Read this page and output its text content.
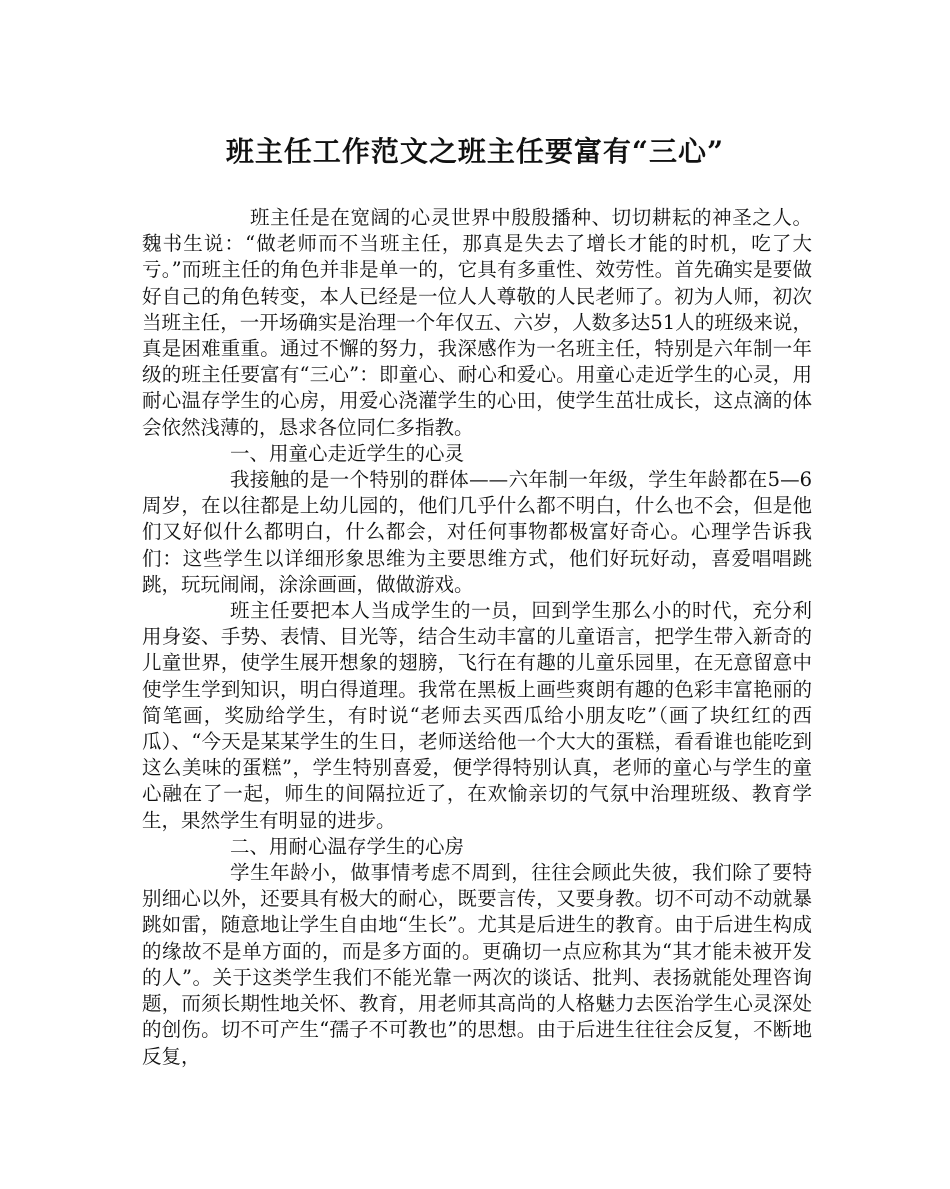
班主任工作范文之班主任要富有“三心”

班主任是在宽阔的心灵世界中殷殷播种、切切耕耘的神圣之人。魏书生说：“做老师而不当班主任，那真是失去了增长才能的时机，吃了大亏。”而班主任的角色并非是单一的，它具有多重性、效劳性。首先确实是要做好自己的角色转变，本人已经是一位人人尊敬的人民老师了。初为人师，初次当班主任，一开场确实是治理一个年仅五、六岁，人数多达51人的班级来说，真是困难重重。通过不懈的努力，我深感作为一名班主任，特别是六年制一年级的班主任要富有“三心”：即童心、耐心和爱心。用童心走近学生的心灵，用耐心温存学生的心房，用爱心浇灌学生的心田，使学生茁壮成长，这点滴的体会依然浅薄的，恳求各位同仁多指教。

一、用童心走近学生的心灵

我接触的是一个特别的群体——六年制一年级，学生年龄都在5—6周岁，在以往都是上幼儿园的，他们几乎什么都不明白，什么也不会，但是他们又好似什么都明白，什么都会，对任何事物都极富好奇心。心理学告诉我们：这些学生以详细形象思维为主要思维方式，他们好玩好动，喜爱唱唱跳跳，玩玩闹闹，涂涂画画，做做游戏。

班主任要把本人当成学生的一员，回到学生那么小的时代，充分利用身姿、手势、表情、目光等，结合生动丰富的儿童语言，把学生带入新奇的儿童世界，使学生展开想象的翅膀，飞行在有趣的儿童乐园里，在无意留意中使学生学到知识，明白得道理。我常在黑板上画些爽朗有趣的色彩丰富艳丽的简笔画，奖励给学生，有时说“老师去买西瓜给小朋友吃”（画了块红红的西瓜）、“今天是某某学生的生日，老师送给他一个大大的蛋糕，看看谁也能吃到这么美味的蛋糕”，学生特别喜爱，便学得特别认真，老师的童心与学生的童心融在了一起，师生的间隔拉近了，在欢愉亲切的气氛中治理班级、教育学生，果然学生有明显的进步。

二、用耐心温存学生的心房

学生年龄小，做事情考虑不周到，往往会顾此失彼，我们除了要特别细心以外，还要具有极大的耐心，既要言传，又要身教。切不可动不动就暴跳如雷，随意地让学生自由地“生长”。尤其是后进生的教育。由于后进生构成的缘故不是单方面的，而是多方面的。更确切一点应称其为“其才能未被开发的人”。关于这类学生我们不能光靠一两次的谈话、批判、表扬就能处理咨询题，而须长期性地关怀、教育，用老师其高尚的人格魅力去医治学生心灵深处的创伤。切不可产生“孺子不可教也”的思想。由于后进生往往会反复，不断地反复，
